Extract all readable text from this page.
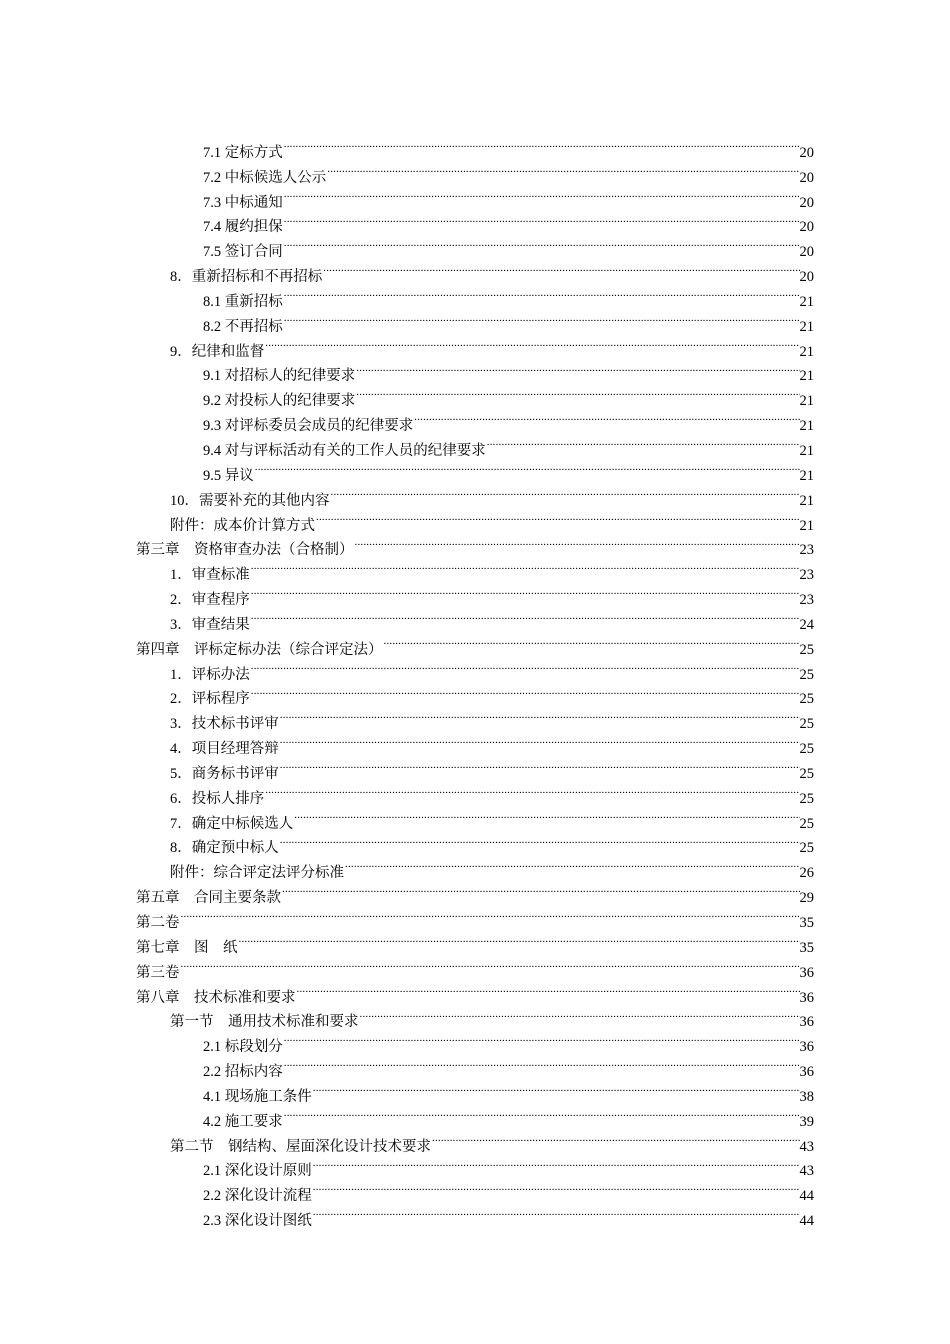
7.1 定标方式 .....	20
7.2 中标候选人公示 .....	20
7.3 中标通知 .....	20
7.4 履约担保 .....	20
7.5 签订合同 .....	20
8．重新招标和不再招标 .....	20
8.1 重新招标 .....	21
8.2 不再招标 .....	21
9．纪律和监督 .....	21
9.1 对招标人的纪律要求 .....	21
9.2 对投标人的纪律要求 .....	21
9.3 对评标委员会成员的纪律要求 .....	21
9.4 对与评标活动有关的工作人员的纪律要求 .....	21
9.5 异议 .....	21
10．需要补充的其他内容 .....	21
附件：成本价计算方式 .....	21
第三章　资格审查办法（合格制） .....	23
1．审查标准 .....	23
2．审查程序 .....	23
3．审查结果 .....	24
第四章　评标定标办法（综合评定法） .....	25
1．评标办法 .....	25
2．评标程序 .....	25
3．技术标书评审 .....	25
4．项目经理答辩 .....	25
5．商务标书评审 .....	25
6．投标人排序 .....	25
7．确定中标候选人 .....	25
8．确定预中标人 .....	25
附件：综合评定法评分标准 .....	26
第五章　合同主要条款 .....	29
第二卷 .....	35
第七章　图　纸 .....	35
第三卷 .....	36
第八章　技术标准和要求 .....	36
第一节　通用技术标准和要求 .....	36
2.1 标段划分 .....	36
2.2 招标内容 .....	36
4.1 现场施工条件 .....	38
4.2 施工要求 .....	39
第二节　钢结构、屋面深化设计技术要求 .....	43
2.1 深化设计原则 .....	43
2.2 深化设计流程 .....	44
2.3 深化设计图纸 .....	44
